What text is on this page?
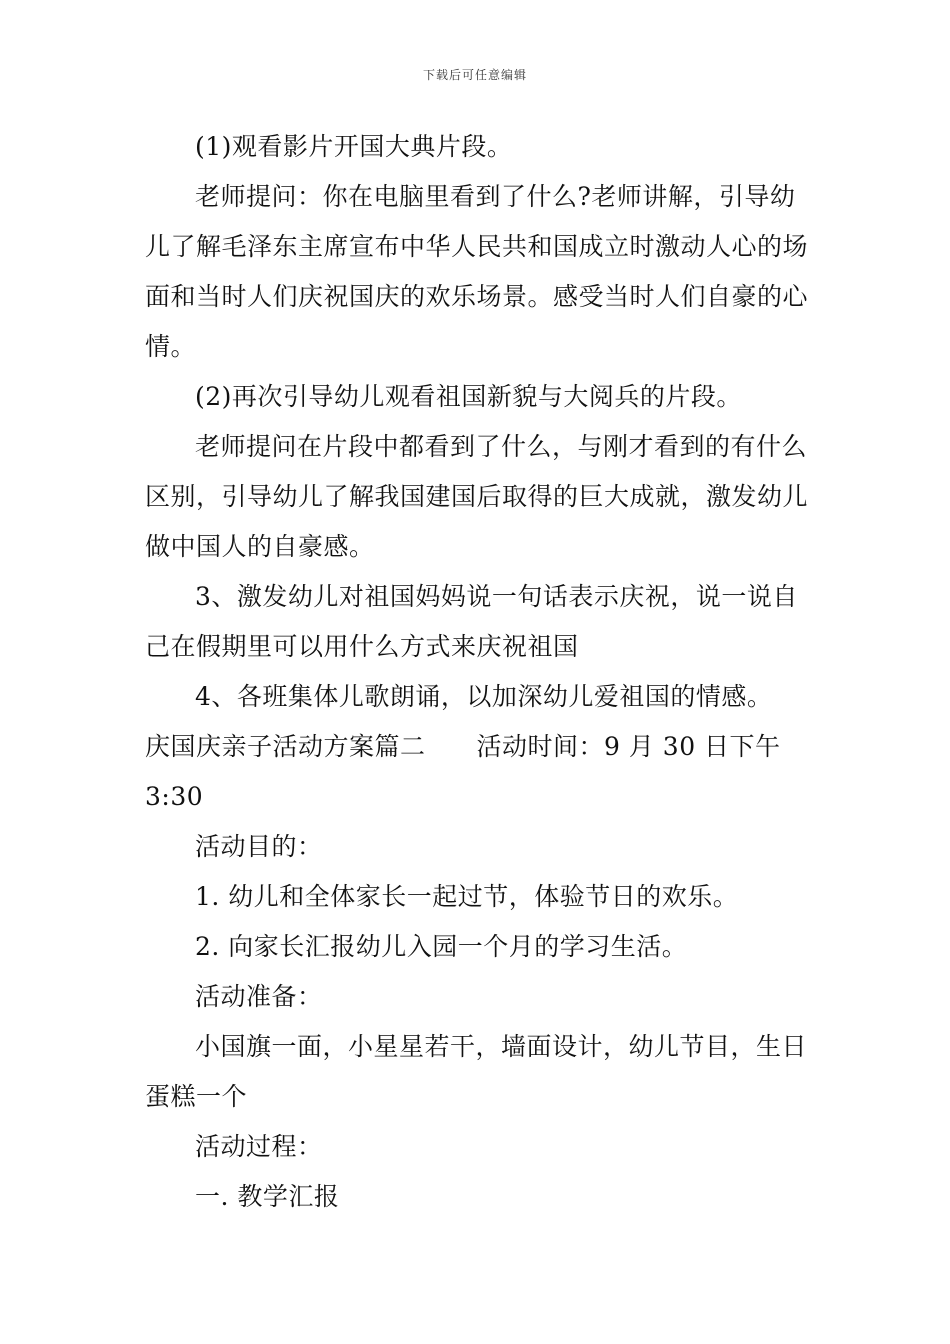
下载后可任意编辑

(1)观看影片开国大典片段。

老师提问：你在电脑里看到了什么?老师讲解，引导幼儿了解毛泽东主席宣布中华人民共和国成立时激动人心的场面和当时人们庆祝国庆的欢乐场景。感受当时人们自豪的心情。

(2)再次引导幼儿观看祖国新貌与大阅兵的片段。

老师提问在片段中都看到了什么，与刚才看到的有什么区别，引导幼儿了解我国建国后取得的巨大成就，激发幼儿做中国人的自豪感。

3、激发幼儿对祖国妈妈说一句话表示庆祝，说一说自己在假期里可以用什么方式来庆祝祖国

4、各班集体儿歌朗诵，以加深幼儿爱祖国的情感。

庆国庆亲子活动方案篇二　　活动时间：9 月 30 日下午 3:30

活动目的：

1. 幼儿和全体家长一起过节，体验节日的欢乐。

2. 向家长汇报幼儿入园一个月的学习生活。

活动准备：

小国旗一面，小星星若干，墙面设计，幼儿节目，生日蛋糕一个

活动过程：

一. 教学汇报
